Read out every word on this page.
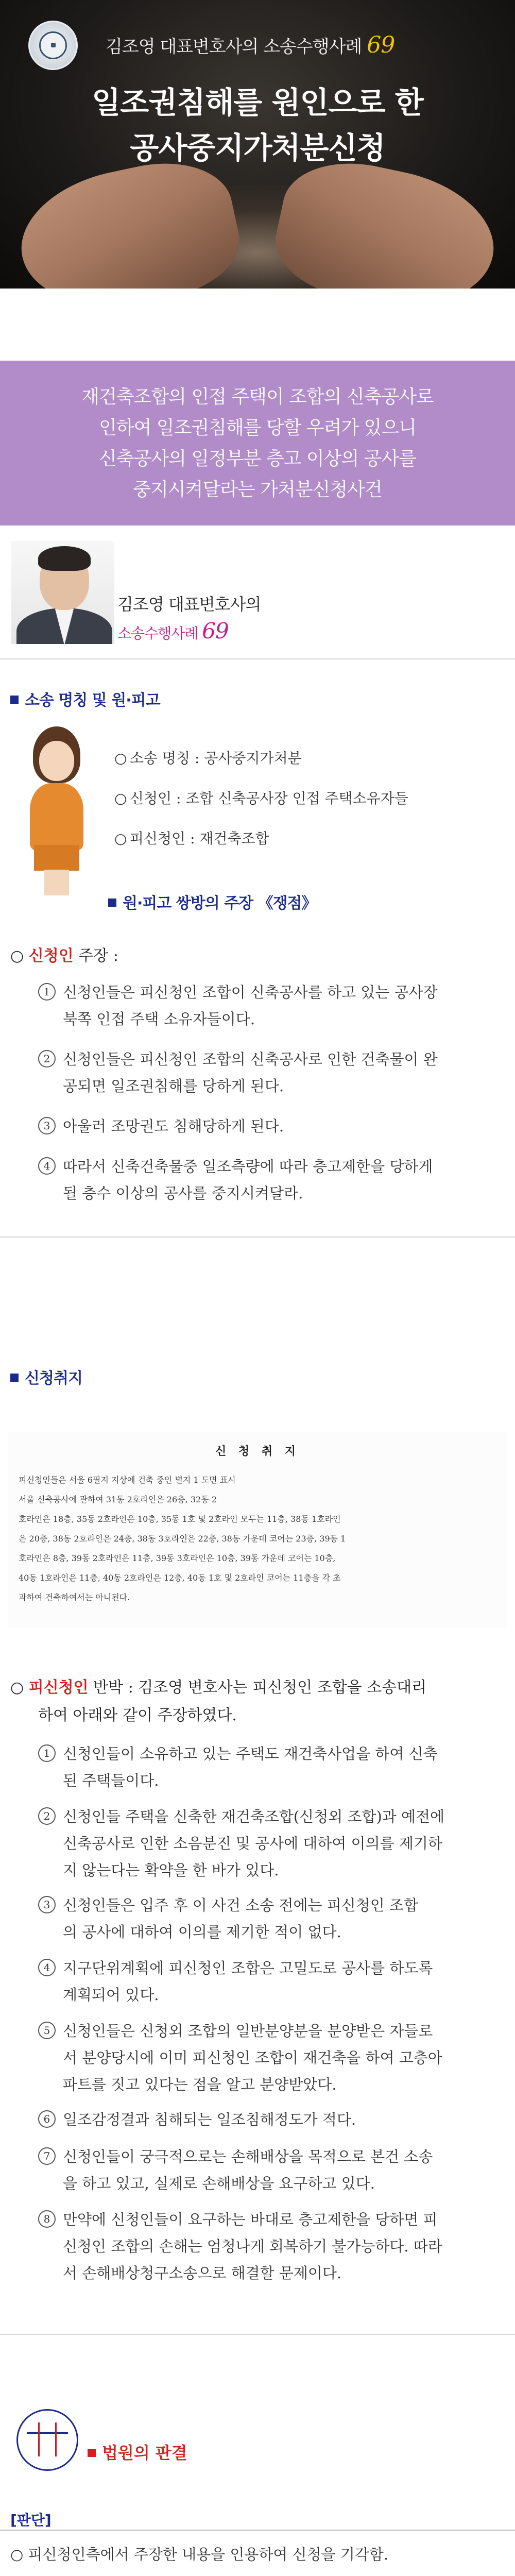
김조영 대표변호사의 소송수행사례 69
일조권침해를 원인으로 한
공사중지가처분신청
재건축조합의 인접 주택이 조합의 신축공사로
인하여 일조권침해를 당할 우려가 있으니
신축공사의 일정부분 층고 이상의 공사를
중지시켜달라는 가처분신청사건
김조영 대표변호사의
소송수행사례 69
소송 명칭 및 원·피고
○ 소송 명칭 : 공사중지가처분
○ 신청인 : 조합 신축공사장 인접 주택소유자들
○ 피신청인 : 재건축조합
원·피고 쌍방의 주장 《쟁점》
○ 신청인 주장 :
1 신청인들은 피신청인 조합이 신축공사를 하고 있는 공사장
북쪽 인접 주택 소유자들이다.
2 신청인들은 피신청인 조합의 신축공사로 인한 건축물이 완
공되면 일조권침해를 당하게 된다.
3 아울러 조망권도 침해당하게 된다.
4 따라서 신축건축물중 일조측량에 따라 층고제한을 당하게
될 층수 이상의 공사를 중지시켜달라.
신청취지
신 청 취 지
피신청인들은 서울 6필지 지상에 건축 중인 별지 1 도면 표시
서울 신축공사에 관하여 31동 2호라인은 26층, 32동 2
호라인은 18층, 35동 2호라인은 10층, 35동 1호 및 2호라인 모두는 11층, 38동 1호라인
은 20층, 38동 2호라인은 24층, 38동 3호라인은 22층, 38동 가운데 코어는 23층, 39동 1
호라인은 8층, 39동 2호라인은 11층, 39동 3호라인은 10층, 39동 가운데 코어는 10층,
40동 1호라인은 11층, 40동 2호라인은 12층, 40동 1호 및 2호라인 코어는 11층을 각 초
과하여 건축하여서는 아니된다.
○ 피신청인 반박 : 김조영 변호사는 피신청인 조합을 소송대리
하여 아래와 같이 주장하였다.
1 신청인들이 소유하고 있는 주택도 재건축사업을 하여 신축
된 주택들이다.
2 신청인들 주택을 신축한 재건축조합(신청외 조합)과 예전에
신축공사로 인한 소음분진 및 공사에 대하여 이의를 제기하
지 않는다는 확약을 한 바가 있다.
3 신청인들은 입주 후 이 사건 소송 전에는 피신청인 조합
의 공사에 대하여 이의를 제기한 적이 없다.
4 지구단위계획에 피신청인 조합은 고밀도로 공사를 하도록
계획되어 있다.
5 신청인들은 신청외 조합의 일반분양분을 분양받은 자들로
서 분양당시에 이미 피신청인 조합이 재건축을 하여 고층아
파트를 짓고 있다는 점을 알고 분양받았다.
6 일조감정결과 침해되는 일조침해정도가 적다.
7 신청인들이 궁극적으로는 손해배상을 목적으로 본건 소송
을 하고 있고, 실제로 손해배상을 요구하고 있다.
8 만약에 신청인들이 요구하는 바대로 층고제한을 당하면 피
신청인 조합의 손해는 엄청나게 회복하기 불가능하다. 따라
서 손해배상청구소송으로 해결할 문제이다.
법원의 판결
[판단]
○ 피신청인측에서 주장한 내용을 인용하여 신청을 기각함.
